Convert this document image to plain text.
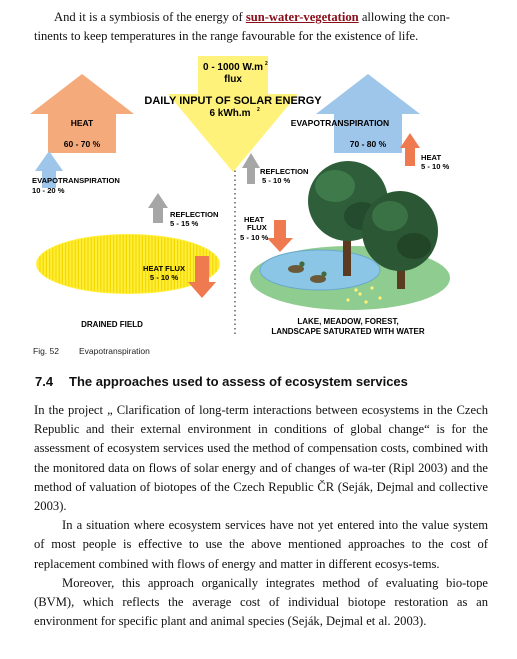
And it is a symbiosis of the energy of sun-water-vegetation allowing the con-
tinents to keep temperatures in the range favourable for the existence of life.
0 - 1000 W.m 2
flux
HEAT
60 - 70 %
EVAPOTRANSPIRATION
70 - 80 %
DAILY INPUT OF SOLAR ENERGY
6 kWh.m 2
EVAPOTRANSPIRATION
10 - 20 %
REFLECTION
5 - 15 %
HEAT FLUX
5 - 10 %
DRAINED FIELD
REFLECTION
5 - 10 %
HEAT
5 - 10 %
HEAT
FLUX
5 - 10 %
LAKE, MEADOW, FOREST,
LANDSCAPE SATURATED WITH WATER
Fig. 52 Evapotranspiration
7.4 The approaches used to assess of ecosystem services

In the project „ Clarification of long-term interactions between ecosystems in the Czech Republic and their external environment in conditions of global change“ is for the assessment of ecosystem services used the method of compensation costs, combined with the monitored data on flows of solar energy and of changes of wa-ter (Ripl 2003) and the method of valuation of biotopes of the Czech Republic ČR (Seják, Dejmal and collective 2003).

In a situation where ecosystem services have not yet entered into the value system of most people is effective to use the above mentioned approaches to the cost of replacement combined with flows of energy and matter in different ecosys-tems.

Moreover, this approach organically integrates method of evaluating bio-tope (BVM), which reflects the average cost of individual biotope restoration as an environment for specific plant and animal species (Seják, Dejmal et al. 2003).
